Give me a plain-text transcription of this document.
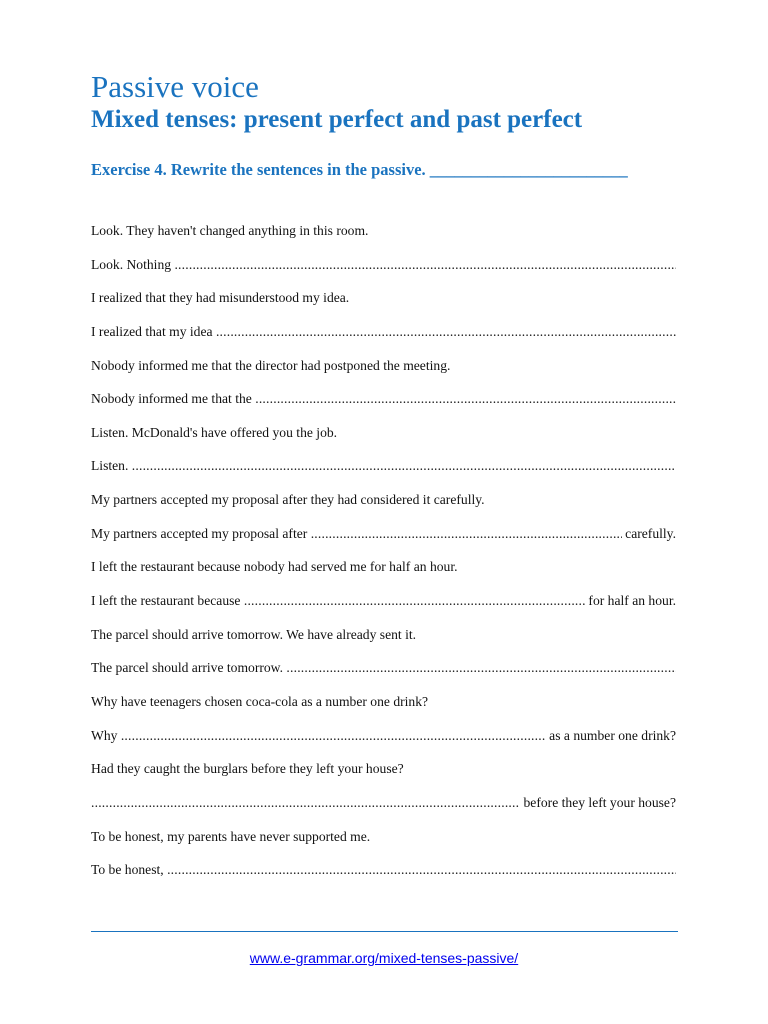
Passive voice
Mixed tenses: present perfect and past perfect
Exercise 4. Rewrite the sentences in the passive. ________________________
Look. They haven't changed anything in this room.
Look. Nothing
.....
I realized that they had misunderstood my idea.
I realized that my idea
.....
Nobody informed me that the director had postponed the meeting.
Nobody informed me that the
.....
Listen. McDonald's have offered you the job.
Listen.
.....
My partners accepted my proposal after they had considered it carefully.
My partners accepted my proposal after .....	carefully.
I left the restaurant because nobody had served me for half an hour.
I left the restaurant because .....	for half an hour.
The parcel should arrive tomorrow. We have already sent it.
The parcel should arrive tomorrow.
.....
Why have teenagers chosen coca-cola as a number one drink?
Why .....	as a number one drink?
Had they caught the burglars before they left your house?
.....
before they left your house?
To be honest, my parents have never supported me.
To be honest,
.....
www.e-grammar.org/mixed-tenses-passive/
